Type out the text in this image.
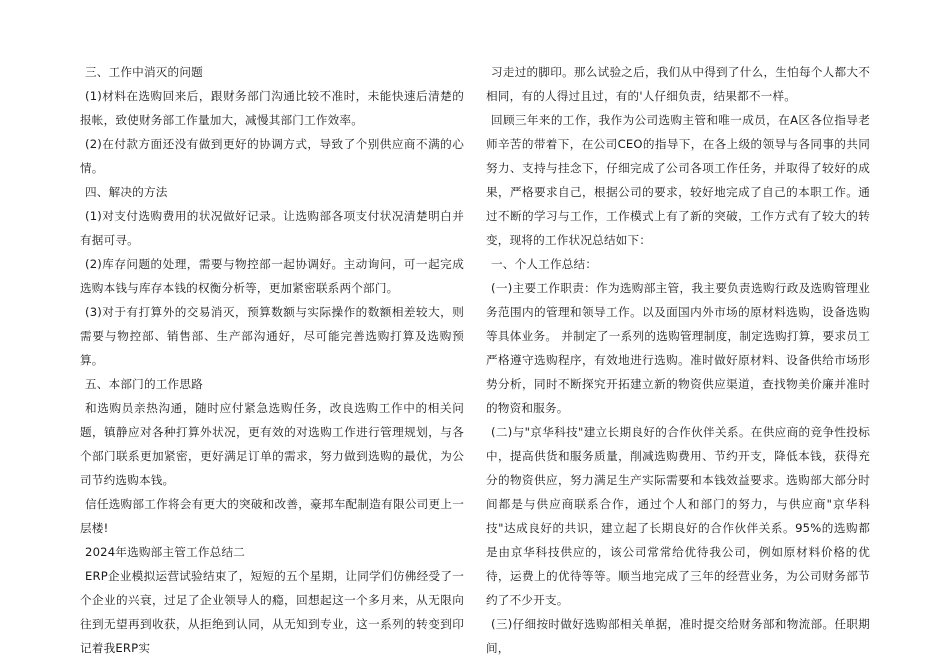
三、工作中消灭的问题

(1)材料在选购回来后，跟财务部门沟通比较不准时，未能快速后清楚的报帐，致使财务部工作量加大，减慢其部门工作效率。

(2)在付款方面还没有做到更好的协调方式，导致了个别供应商不满的心情。

四、解决的方法

(1)对支付选购费用的状况做好记录。让选购部各项支付状况清楚明白并有据可寻。

(2)库存问题的处理，需要与物控部一起协调好。主动询问，可一起完成选购本钱与库存本钱的权衡分析等，更加紧密联系两个部门。

(3)对于有打算外的交易消灭，预算数额与实际操作的数额相差较大，则需要与物控部、销售部、生产部沟通好，尽可能完善选购打算及选购预算。

五、本部门的工作思路

和选购员亲热沟通，随时应付紧急选购任务，改良选购工作中的相关问题，镇静应对各种打算外状况，更有效的对选购工作进行管理规划，与各个部门联系更加紧密，更好满足订单的需求，努力做到选购的最优，为公司节约选购本钱。

信任选购部工作将会有更大的突破和改善，豪邦车配制造有限公司更上一层楼!

2024年选购部主管工作总结二

ERP企业模拟运营试验结束了，短短的五个星期，让同学们仿佛经受了一个企业的兴衰，过足了企业领导人的瘾，回想起这一个多月来，从无限向往到无望再到收获，从拒绝到认同，从无知到专业，这一系列的转变到印记着我ERP实

习走过的脚印。那么试验之后，我们从中得到了什么，生怕每个人都大不相同，有的人得过且过，有的'人仔细负责，结果都不一样。

回顾三年来的工作，我作为公司选购主管和唯一成员，在A区各位指导老师辛苦的带着下，在公司CEO的指导下，在各上级的领导与各同事的共同努力、支持与挂念下，仔细完成了公司各项工作任务，并取得了较好的成果，严格要求自己，根据公司的要求，较好地完成了自己的本职工作。通过不断的学习与工作，工作模式上有了新的突破，工作方式有了较大的转变，现将的工作状况总结如下：

一、个人工作总结：

(一)主要工作职责：作为选购部主管，我主要负责选购行政及选购管理业务范围内的管理和领导工作。以及面国内外市场的原材料选购，设备选购等具体业务。 并制定了一系列的选购管理制度，制定选购打算，要求员工严格遵守选购程序，有效地进行选购。准时做好原材料、设备供给市场形势分析，同时不断探究开拓建立新的物资供应渠道，查找物美价廉并准时的物资和服务。

(二)与"京华科技"建立长期良好的合作伙伴关系。在供应商的竞争性投标中，提高供货和服务质量，削减选购费用、节约开支，降低本钱，获得充分的物资供应，努力满足生产实际需要和本钱效益要求。选购部大部分时间都是与供应商联系合作，通过个人和部门的努力，与供应商"京华科技"达成良好的共识，建立起了长期良好的合作伙伴关系。95%的选购都是由京华科技供应的，该公司常常给优待我公司，例如原材料价格的优待，运费上的优待等等。顺当地完成了三年的经营业务，为公司财务部节约了不少开支。

(三)仔细按时做好选购部相关单据，准时提交给财务部和物流部。任职期间，
